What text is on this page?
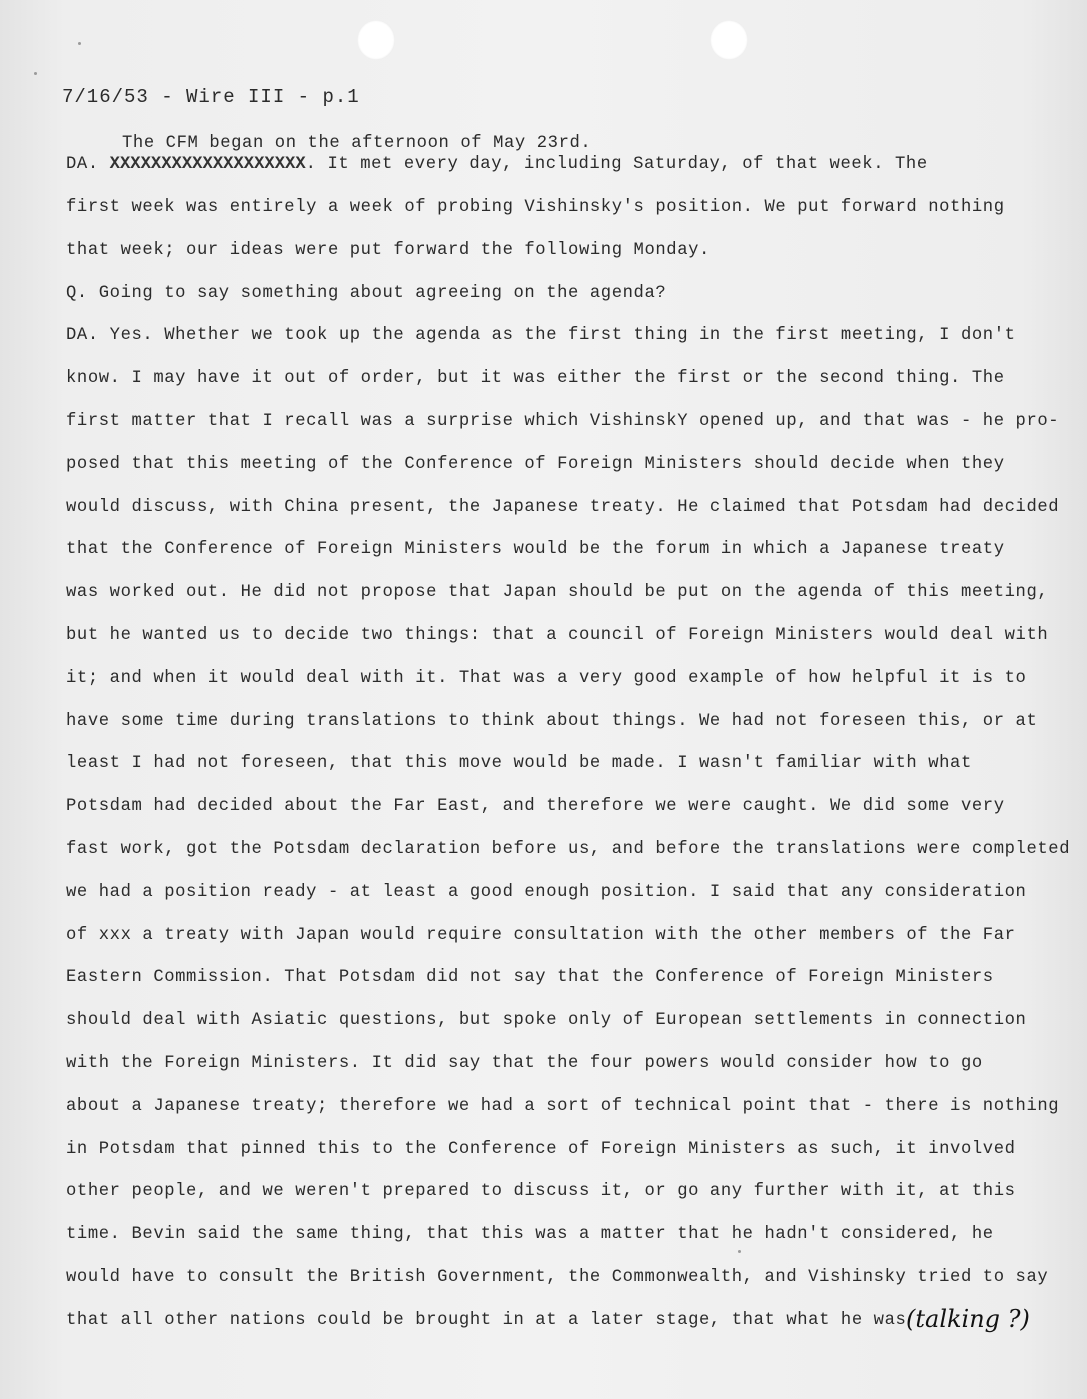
7/16/53 - Wire III - p.1
The CFM began on the afternoon of May 23rd.
DA. XXXXXXXXXXXXXXXXXXX. It met every day, including Saturday, of that week. The
first week was entirely a week of probing Vishinsky's position. We put forward nothing
that week; our ideas were put forward the following Monday.
Q. Going to say something about agreeing on the agenda?
DA. Yes. Whether we took up the agenda as the first thing in the first meeting, I don't
know. I may have it out of order, but it was either the first or the second thing. The
first matter that I recall was a surprise which VishinskY opened up, and that was - he pro-
posed that this meeting of the Conference of Foreign Ministers should decide when they
would discuss, with China present, the Japanese treaty. He claimed that Potsdam had decided
that the Conference of Foreign Ministers would be the forum in which a Japanese treaty
was worked out. He did not propose that Japan should be put on the agenda of this meeting,
but he wanted us to decide two things: that a council of Foreign Ministers would deal with
it; and when it would deal with it. That was a very good example of how helpful it is to
have some time during translations to think about things. We had not foreseen this, or at
least I had not foreseen, that this move would be made. I wasn't familiar with what
Potsdam had decided about the Far East, and therefore we were caught. We did some very
fast work, got the Potsdam declaration before us, and before the translations were completed
we had a position ready - at least a good enough position. I said that any consideration
of xxx a treaty with Japan would require consultation with the other members of the Far
Eastern Commission. That Potsdam did not say that the Conference of Foreign Ministers
should deal with Asiatic questions, but spoke only of European settlements in connection
with the Foreign Ministers. It did say that the four powers would consider how to go
about a Japanese treaty; therefore we had a sort of technical point that - there is nothing
in Potsdam that pinned this to the Conference of Foreign Ministers as such, it involved
other people, and we weren't prepared to discuss it, or go any further with it, at this
time. Bevin said the same thing, that this was a matter that he hadn't considered, he
would have to consult the British Government, the Commonwealth, and Vishinsky tried to say
that all other nations could be brought in at a later stage, that what he was (talking ?)
